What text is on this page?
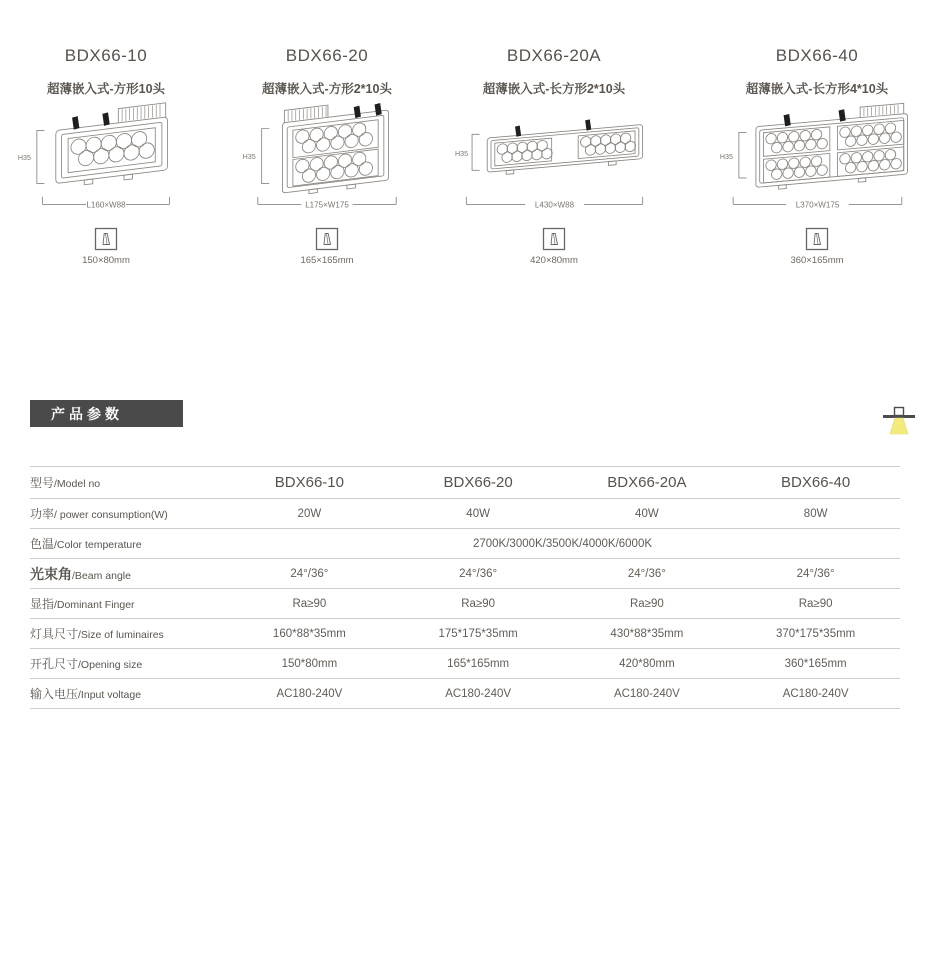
BDX66-10
超薄嵌入式-方形10头
H35
L160×W88
150×80mm
BDX66-20
超薄嵌入式-方形2*10头
H35
L175×W175
165×165mm
BDX66-20A
超薄嵌入式-长方形2*10头
H35
L430×W88
420×80mm
BDX66-40
超薄嵌入式-长方形4*10头
H35
L370×W175
360×165mm
产品参数
型号/Model no	BDX66-10	BDX66-20	BDX66-20A	BDX66-40
功率/ power consumption(W)	20W	40W	40W	80W
色温/Color temperature	2700K/3000K/3500K/4000K/6000K
光束角/Beam angle	24°/36°	24°/36°	24°/36°	24°/36°
显指/Dominant Finger	Ra≥90	Ra≥90	Ra≥90	Ra≥90
灯具尺寸/Size of luminaires	160*88*35mm	175*175*35mm	430*88*35mm	370*175*35mm
开孔尺寸/Opening size	150*80mm	165*165mm	420*80mm	360*165mm
输入电压/Input voltage	AC180-240V	AC180-240V	AC180-240V	AC180-240V
